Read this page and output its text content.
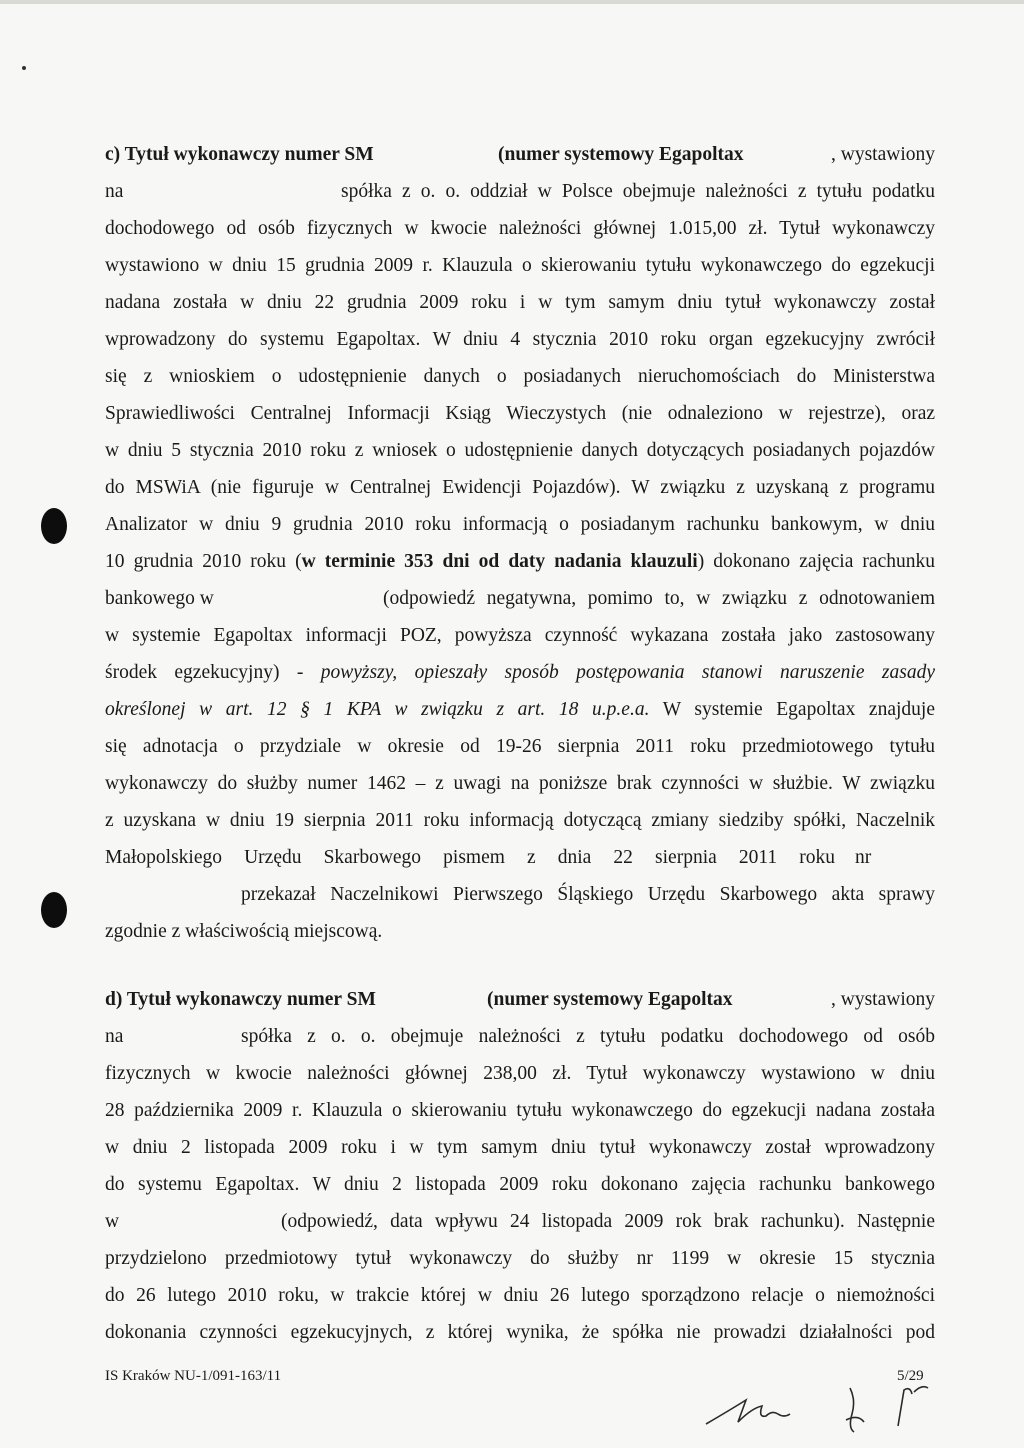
c) Tytuł wykonawczy numer SM	(numer systemowy Egapoltax	, wystawiony
na	spółka z o. o. oddział w Polsce obejmuje należności z tytułu podatku
dochodowego od osób fizycznych w kwocie należności głównej 1.015,00 zł. Tytuł wykonawczy
wystawiono w dniu 15 grudnia 2009 r. Klauzula o skierowaniu tytułu wykonawczego do egzekucji
nadana została w dniu 22 grudnia 2009 roku i w tym samym dniu tytuł wykonawczy został
wprowadzony do systemu Egapoltax. W dniu 4 stycznia 2010 roku organ egzekucyjny zwrócił
się z wnioskiem o udostępnienie danych o posiadanych nieruchomościach do Ministerstwa
Sprawiedliwości Centralnej Informacji Ksiąg Wieczystych (nie odnaleziono w rejestrze), oraz
w dniu 5 stycznia 2010 roku z wniosek o udostępnienie danych dotyczących posiadanych pojazdów
do MSWiA (nie figuruje w Centralnej Ewidencji Pojazdów). W związku z uzyskaną z programu
Analizator w dniu 9 grudnia 2010 roku informacją o posiadanym rachunku bankowym, w dniu
10 grudnia 2010 roku (w terminie 353 dni od daty nadania klauzuli) dokonano zajęcia rachunku
bankowego w	(odpowiedź negatywna, pomimo to, w związku z odnotowaniem
w systemie Egapoltax informacji POZ, powyższa czynność wykazana została jako zastosowany
środek egzekucyjny) - powyższy, opieszały sposób postępowania stanowi naruszenie zasady
określonej w art. 12 § 1 KPA w związku z art. 18 u.p.e.a. W systemie Egapoltax znajduje
się adnotacja o przydziale w okresie od 19-26 sierpnia 2011 roku przedmiotowego tytułu
wykonawczy do służby numer 1462 – z uwagi na poniższe brak czynności w służbie. W związku
z uzyskana w dniu 19 sierpnia 2011 roku informacją dotyczącą zmiany siedziby spółki, Naczelnik
Małopolskiego Urzędu Skarbowego pismem z dnia 22 sierpnia 2011 roku nr
przekazał Naczelnikowi Pierwszego Śląskiego Urzędu Skarbowego akta sprawy
zgodnie z właściwością miejscową.
d) Tytuł wykonawczy numer SM	(numer systemowy Egapoltax	, wystawiony
na	spółka z o. o. obejmuje należności z tytułu podatku dochodowego od osób
fizycznych w kwocie należności głównej 238,00 zł. Tytuł wykonawczy wystawiono w dniu
28 października 2009 r. Klauzula o skierowaniu tytułu wykonawczego do egzekucji nadana została
w dniu 2 listopada 2009 roku i w tym samym dniu tytuł wykonawczy został wprowadzony
do systemu Egapoltax. W dniu 2 listopada 2009 roku dokonano zajęcia rachunku bankowego
w	(odpowiedź, data wpływu 24 listopada 2009 rok brak rachunku). Następnie
przydzielono przedmiotowy tytuł wykonawczy do służby nr 1199 w okresie 15 stycznia
do 26 lutego 2010 roku, w trakcie której w dniu 26 lutego sporządzono relacje o niemożności
dokonania czynności egzekucyjnych, z której wynika, że spółka nie prowadzi działalności pod
IS Kraków NU-1/091-163/11	5/29
